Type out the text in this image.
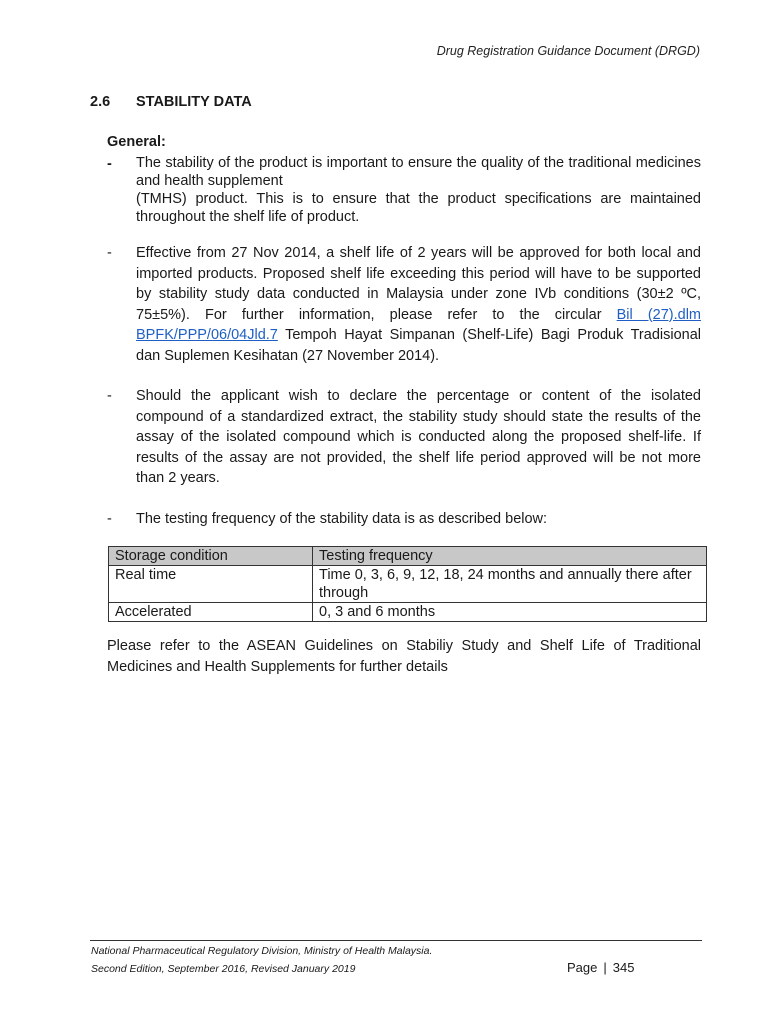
Drug Registration Guidance Document (DRGD)
2.6 STABILITY DATA
General:
-	The stability of the product is important to ensure the quality of the traditional medicines and health supplement
(TMHS) product. This is to ensure that the product specifications are maintained throughout the shelf life of product.
-	Effective from 27 Nov 2014, a shelf life of 2 years will be approved for both local and imported products. Proposed shelf life exceeding this period will have to be supported by stability study data conducted in Malaysia under zone IVb conditions (30±2 ºC, 75±5%). For further information, please refer to the circular Bil (27).dlm BPFK/PPP/06/04Jld.7 Tempoh Hayat Simpanan (Shelf-Life) Bagi Produk Tradisional dan Suplemen Kesihatan (27 November 2014).
-	Should the applicant wish to declare the percentage or content of the isolated compound of a standardized extract, the stability study should state the results of the assay of the isolated compound which is conducted along the proposed shelf-life. If results of the assay are not provided, the shelf life period approved will be not more than 2 years.
-	The testing frequency of the stability data is as described below:
Storage condition	Testing frequency
Real time	Time 0, 3, 6, 9, 12, 18, 24 months and annually there after through
Accelerated	0, 3 and 6 months
Please refer to the ASEAN Guidelines on Stabiliy Study and Shelf Life of Traditional Medicines and Health Supplements for further details
National Pharmaceutical Regulatory Division, Ministry of Health Malaysia.
Second Edition, September 2016, Revised January 2019	Page | 345
